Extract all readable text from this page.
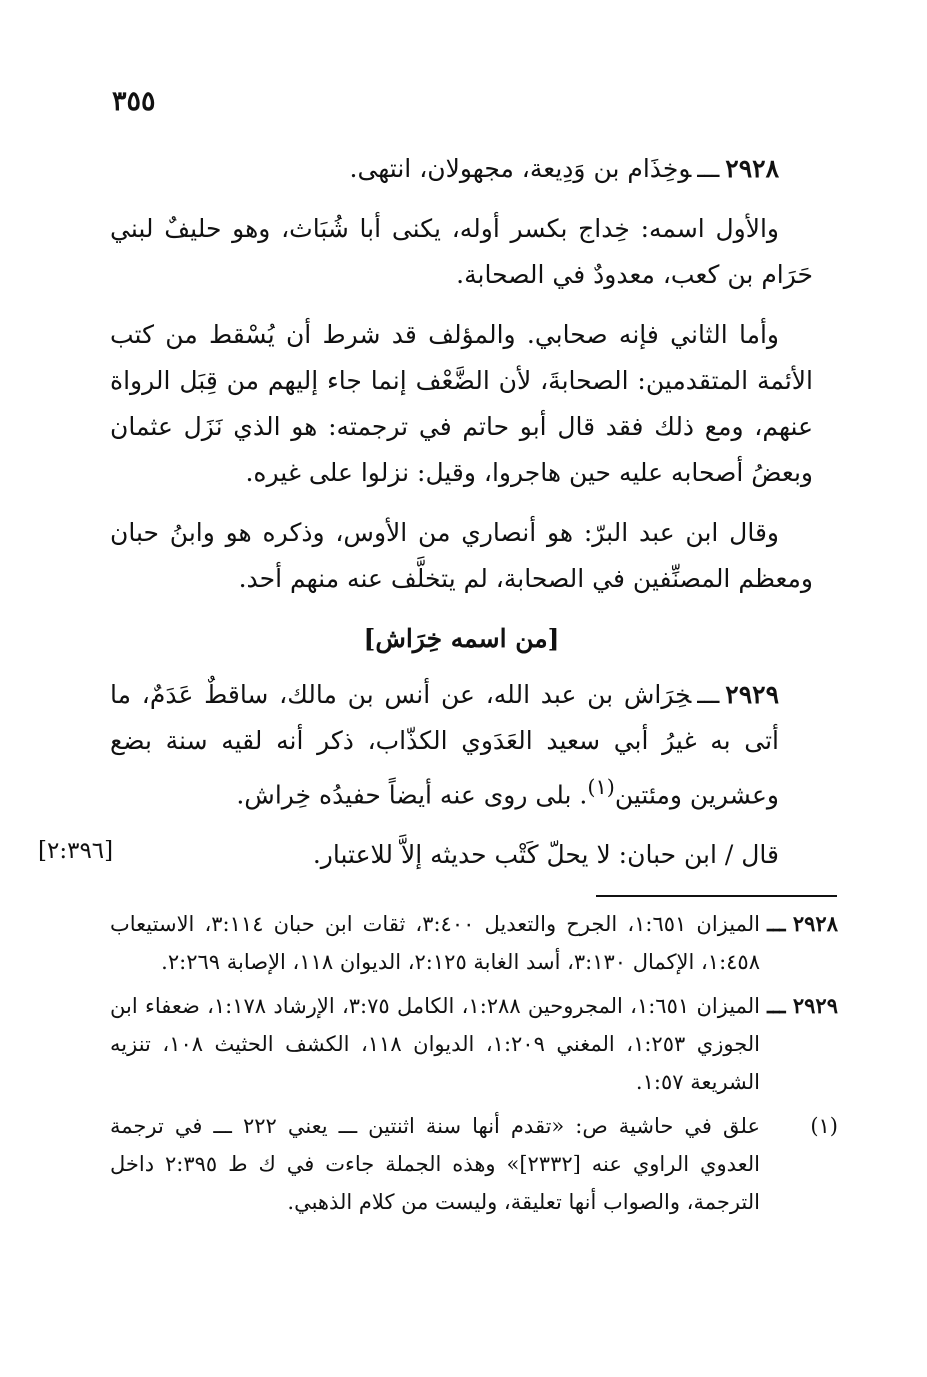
٣٥٥

٢٩٢٨ـــوخِذَام بن وَدِيعة، مجهولان، انتهى.

والأول اسمه: خِداج بكسر أوله، يكنى أبا شُبَاث، وهو حليفٌ لبني حَرَام بن كعب، معدودٌ في الصحابة.

وأما الثاني فإنه صحابي. والمؤلف قد شرط أن يُسْقط من كتب الأئمة المتقدمين: الصحابةَ، لأن الضَّعْف إنما جاء إليهم من قِبَل الرواة عنهم، ومع ذلك فقد قال أبو حاتم في ترجمته: هو الذي نَزَل عثمان وبعضُ أصحابه عليه حين هاجروا، وقيل: نزلوا على غيره.

وقال ابن عبد البرّ: هو أنصاري من الأوس، وذكره هو وابنُ حبان ومعظم المصنِّفين في الصحابة، لم يتخلَّف عنه منهم أحد.

[من اسمه خِرَاش]

٢٩٢٩ـــخِرَاش بن عبد الله، عن أنس بن مالك، ساقطٌ عَدَمٌ، ما أتى به غيرُ أبي سعيد العَدَوي الكذّاب، ذكر أنه لقيه سنة بضع وعشرين ومئتين$^{(١)}$. بلى روى عنه أيضاً حفيدُه خِراش.

قال / ابن حبان: لا يحلّ كَتْب حديثه إلاَّ للاعتبار.

[٢:٣٩٦]

٢٩٢٨ ـــالميزان ١:٦٥١، الجرح والتعديل ٣:٤٠٠، ثقات ابن حبان ٣:١١٤، الاستيعاب ١:٤٥٨، الإكمال ٣:١٣٠، أسد الغابة ٢:١٢٥، الديوان ١١٨، الإصابة ٢:٢٦٩.

٢٩٢٩ ـــالميزان ١:٦٥١، المجروحين ١:٢٨٨، الكامل ٣:٧٥، الإرشاد ١:١٧٨، ضعفاء ابن الجوزي ١:٢٥٣، المغني ١:٢٠٩، الديوان ١١٨، الكشف الحثيث ١٠٨، تنزيه الشريعة ١:٥٧.

(١)علق في حاشية ص: «تقدم أنها سنة اثنتين ـــ يعني ٢٢٢ ـــ في ترجمة العدوي الراوي عنه [٢٣٣٢]» وهذه الجملة جاءت في ك ط ٢:٣٩٥ داخل الترجمة، والصواب أنها تعليقة، وليست من كلام الذهبي.
